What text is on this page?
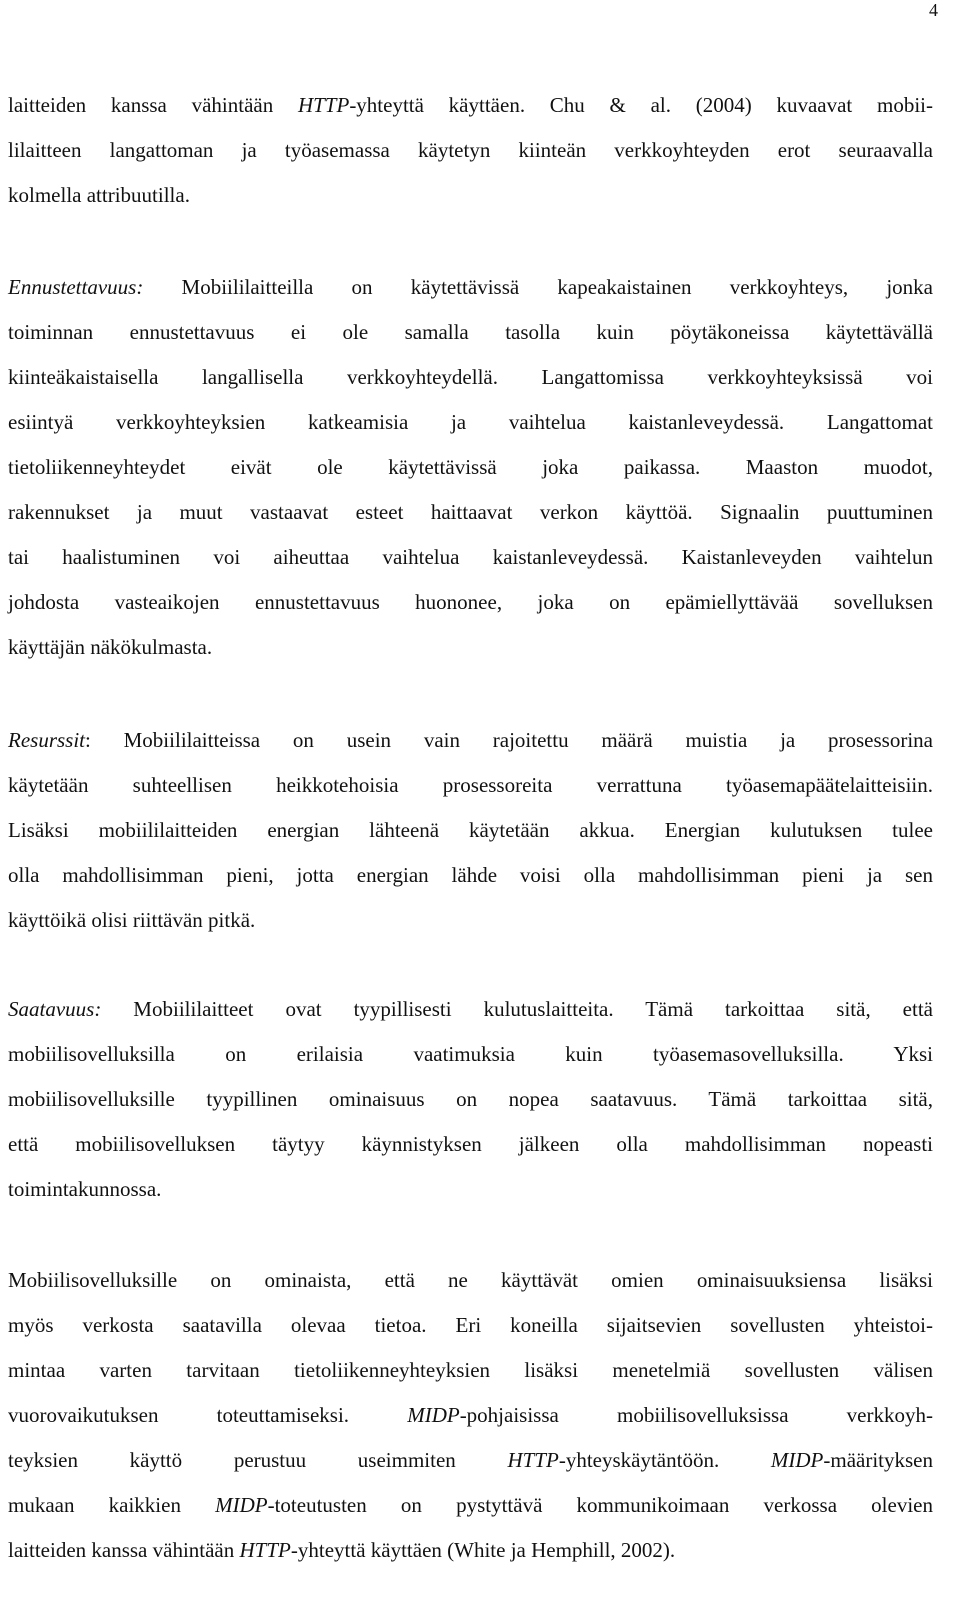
4
laitteiden kanssa vähintään HTTP-yhteyttä käyttäen. Chu & al. (2004) kuvaavat mobii-
lilaitteen langattoman ja työasemassa käytetyn kiinteän verkkoyhteyden erot seuraavalla
kolmella attribuutilla.
Ennustettavuus: Mobiililaitteilla on käytettävissä kapeakaistainen verkkoyhteys, jonka
toiminnan ennustettavuus ei ole samalla tasolla kuin pöytäkoneissa käytettävällä
kiinteäkaistaisella langallisella verkkoyhteydellä. Langattomissa verkkoyhteyksissä voi
esiintyä verkkoyhteyksien katkeamisia ja vaihtelua kaistanleveydessä. Langattomat
tietoliikenneyhteydet eivät ole käytettävissä joka paikassa. Maaston muodot,
rakennukset ja muut vastaavat esteet haittaavat verkon käyttöä. Signaalin puuttuminen
tai haalistuminen voi aiheuttaa vaihtelua kaistanleveydessä. Kaistanleveyden vaihtelun
johdosta vasteaikojen ennustettavuus huononee, joka on epämiellyttävää sovelluksen
käyttäjän näkökulmasta.
Resurssit: Mobiililaitteissa on usein vain rajoitettu määrä muistia ja prosessorina
käytetään suhteellisen heikkotehoisia prosessoreita verrattuna työasemapäätelaitteisiin.
Lisäksi mobiililaitteiden energian lähteenä käytetään akkua. Energian kulutuksen tulee
olla mahdollisimman pieni, jotta energian lähde voisi olla mahdollisimman pieni ja sen
käyttöikä olisi riittävän pitkä.
Saatavuus: Mobiililaitteet ovat tyypillisesti kulutuslaitteita. Tämä tarkoittaa sitä, että
mobiilisovelluksilla on erilaisia vaatimuksia kuin työasemasovelluksilla. Yksi
mobiilisovelluksille tyypillinen ominaisuus on nopea saatavuus. Tämä tarkoittaa sitä,
että mobiilisovelluksen täytyy käynnistyksen jälkeen olla mahdollisimman nopeasti
toimintakunnossa.
Mobiilisovelluksille on ominaista, että ne käyttävät omien ominaisuuksiensa lisäksi
myös verkosta saatavilla olevaa tietoa. Eri koneilla sijaitsevien sovellusten yhteistoi-
mintaa varten tarvitaan tietoliikenneyhteyksien lisäksi menetelmiä sovellusten välisen
vuorovaikutuksen toteuttamiseksi. MIDP-pohjaisissa mobiilisovelluksissa verkkoyh-
teyksien käyttö perustuu useimmiten HTTP-yhteyskäytäntöön. MIDP-määrityksen
mukaan kaikkien MIDP-toteutusten on pystyttävä kommunikoimaan verkossa olevien
laitteiden kanssa vähintään HTTP-yhteyttä käyttäen (White ja Hemphill, 2002).
